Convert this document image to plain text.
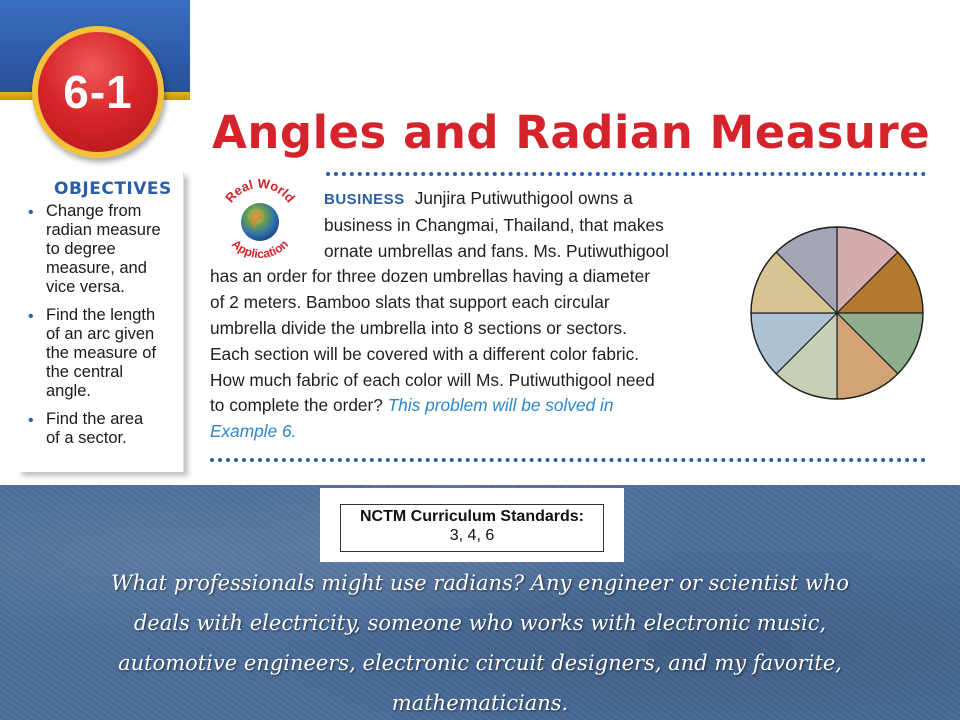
6-1
Angles and Radian Measure
OBJECTIVES
• Change from
radian measure
to degree
measure, and
vice versa.
• Find the length
of an arc given
the measure of
the central
angle.
• Find the area
of a sector.
Real World
Application
BUSINESS Junjira Putiwuthigool owns a
business in Changmai, Thailand, that makes
ornate umbrellas and fans. Ms. Putiwuthigool
has an order for three dozen umbrellas having a diameter
of 2 meters. Bamboo slats that support each circular
umbrella divide the umbrella into 8 sections or sectors.
Each section will be covered with a different color fabric.
How much fabric of each color will Ms. Putiwuthigool need
to complete the order? This problem will be solved in
Example 6.
NCTM Curriculum Standards:
3, 4, 6
What professionals might use radians? Any engineer or scientist who
deals with electricity, someone who works with electronic music,
automotive engineers, electronic circuit designers, and my favorite,
mathematicians.
